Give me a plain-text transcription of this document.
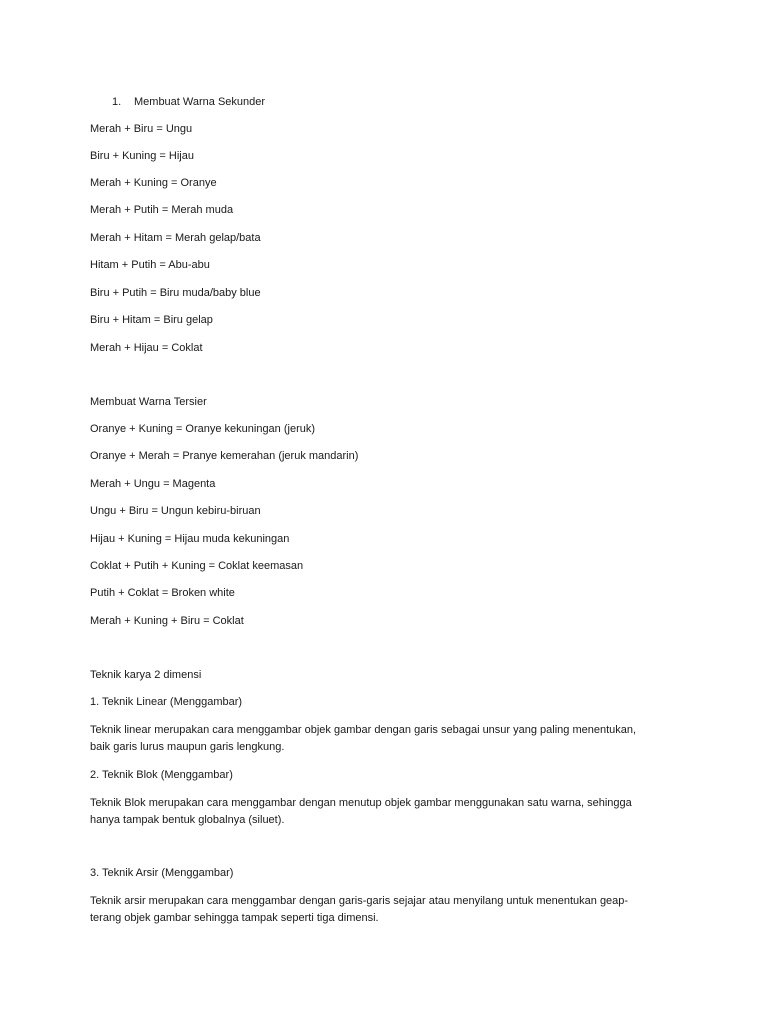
1. Membuat Warna Sekunder
Merah + Biru = Ungu
Biru + Kuning = Hijau
Merah + Kuning = Oranye
Merah + Putih = Merah muda
Merah + Hitam = Merah gelap/bata
Hitam + Putih = Abu-abu
Biru + Putih = Biru muda/baby blue
Biru + Hitam = Biru gelap
Merah + Hijau = Coklat
Membuat Warna Tersier
Oranye + Kuning = Oranye kekuningan (jeruk)
Oranye + Merah = Pranye kemerahan (jeruk mandarin)
Merah + Ungu = Magenta
Ungu + Biru = Ungun kebiru-biruan
Hijau + Kuning = Hijau muda kekuningan
Coklat + Putih + Kuning = Coklat keemasan
Putih + Coklat = Broken white
Merah + Kuning + Biru = Coklat
Teknik karya 2 dimensi
1. Teknik Linear (Menggambar)
Teknik linear merupakan cara menggambar objek gambar dengan garis sebagai unsur yang paling menentukan,
baik garis lurus maupun garis lengkung.
2. Teknik Blok (Menggambar)
Teknik Blok merupakan cara menggambar dengan menutup objek gambar menggunakan satu warna, sehingga
hanya tampak bentuk globalnya (siluet).
3. Teknik Arsir (Menggambar)
Teknik arsir merupakan cara menggambar dengan garis-garis sejajar atau menyilang untuk menentukan geap-
terang objek gambar sehingga tampak seperti tiga dimensi.
